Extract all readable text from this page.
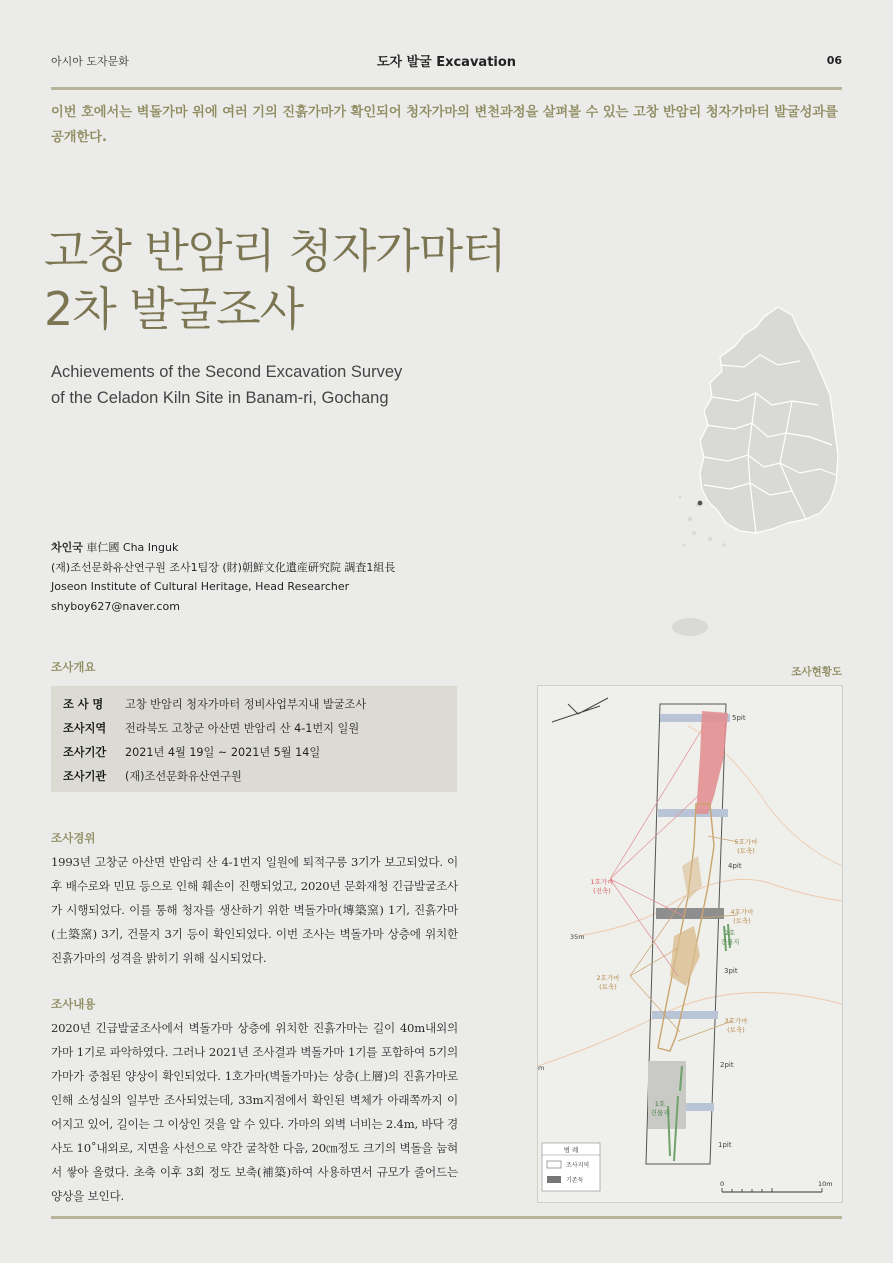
아시아 도자문화	도자 발굴 Excavation	06
이번 호에서는 벽돌가마 위에 여러 기의 진흙가마가 확인되어 청자가마의 변천과정을 살펴볼 수 있는 고창 반암리 청자가마터 발굴성과를 공개한다.
고창 반암리 청자가마터
2차 발굴조사
Achievements of the Second Excavation Survey
of the Celadon Kiln Site in Banam-ri, Gochang
차인국 車仁國 Cha Inguk
(재)조선문화유산연구원 조사1팀장 (財)朝鮮文化遺産硏究院 調査1組長
Joseon Institute of Cultural Heritage, Head Researcher
shyboy627@naver.com
조사개요
조 사 명 고창 반암리 청자가마터 정비사업부지내 발굴조사
조사지역 전라북도 고창군 아산면 반암리 산 4-1번지 일원
조사기간 2021년 4월 19일 ~ 2021년 5월 14일
조사기관 (재)조선문화유산연구원
조사경위
1993년 고창군 아산면 반암리 산 4-1번지 일원에 퇴적구릉 3기가 보고되었다. 이후 배수로와 민묘 등으로 인해 훼손이 진행되었고, 2020년 문화재청 긴급발굴조사가 시행되었다. 이를 통해 청자를 생산하기 위한 벽돌가마(塼築窯) 1기, 진흙가마(土築窯) 3기, 건물지 3기 등이 확인되었다. 이번 조사는 벽돌가마 상층에 위치한 진흙가마의 성격을 밝히기 위해 실시되었다.
조사내용
2020년 긴급발굴조사에서 벽돌가마 상층에 위치한 진흙가마는 길이 40m내외의 가마 1기로 파악하였다. 그러나 2021년 조사결과 벽돌가마 1기를 포함하여 5기의 가마가 중첩된 양상이 확인되었다. 1호가마(벽돌가마)는 상층(上層)의 진흙가마로 인해 소성실의 일부만 조사되었는데, 33m지점에서 확인된 벽체가 아래쪽까지 이어지고 있어, 길이는 그 이상인 것을 알 수 있다. 가마의 외벽 너비는 2.4m, 바닥 경사도 10˚내외로, 지면을 사선으로 약간 굴착한 다음, 20㎝정도 크기의 벽돌을 눕혀서 쌓아 올렸다. 초축 이후 3회 정도 보축(補築)하여 사용하면서 규모가 줄어드는 양상을 보인다.
조사현황도
5pit
4pit
3pit
2pit
1pit
1호가마
(전축)
2호가마
(토축)
5호가마
(토축)
4호가마
(토축)
3호가마
(토축)
2호
건물지
1호
건물지
35m
m
범 례
조사지역
기존둑	0	10m
